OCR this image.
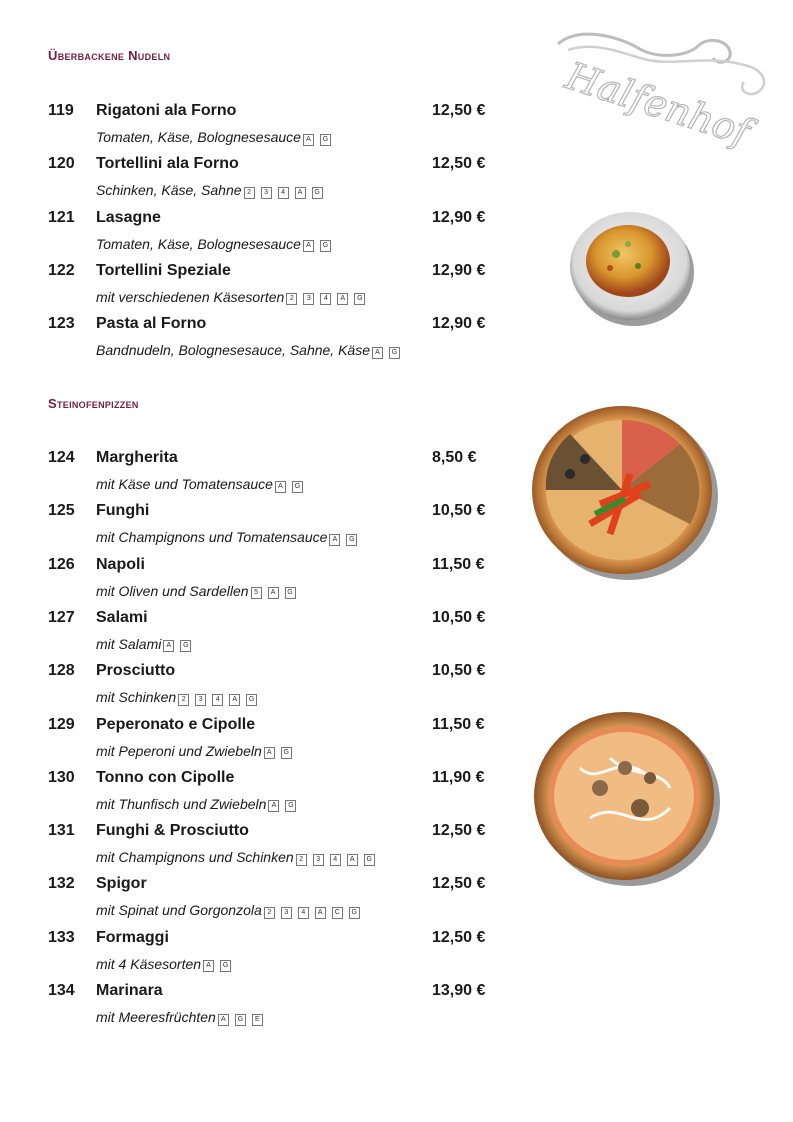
Halfenhof
Überbackene Nudeln
Steinofenpizzen
119 Rigatoni ala Forno	12,50 €
Tomaten, Käse, Bolognesesauce A G
120 Tortellini ala Forno	12,50 €
Schinken, Käse, Sahne 2 3 4 A G
121 Lasagne	12,90 €
Tomaten, Käse, Bolognesesauce A G
122 Tortellini Speziale	12,90 €
mit verschiedenen Käsesorten 2 3 4 A G
123 Pasta al Forno	12,90 €
Bandnudeln, Bolognesesauce, Sahne, Käse A G
124 Margherita	8,50 €
mit Käse und Tomatensauce A G
125 Funghi	10,50 €
mit Champignons und Tomatensauce A G
126 Napoli	11,50 €
mit Oliven und Sardellen 5 A G
127 Salami	10,50 €
mit Salami A G
128 Prosciutto	10,50 €
mit Schinken 2 3 4 A G
129 Peperonato e Cipolle	11,50 €
mit Peperoni und Zwiebeln A G
130 Tonno con Cipolle	11,90 €
mit Thunfisch und Zwiebeln A G
131 Funghi & Prosciutto	12,50 €
mit Champignons und Schinken 2 3 4 A G
132 Spigor	12,50 €
mit Spinat und Gorgonzola 2 3 4 A C G
133 Formaggi	12,50 €
mit 4 Käsesorten A G
134 Marinara	13,90 €
mit Meeresfrüchten A G E
